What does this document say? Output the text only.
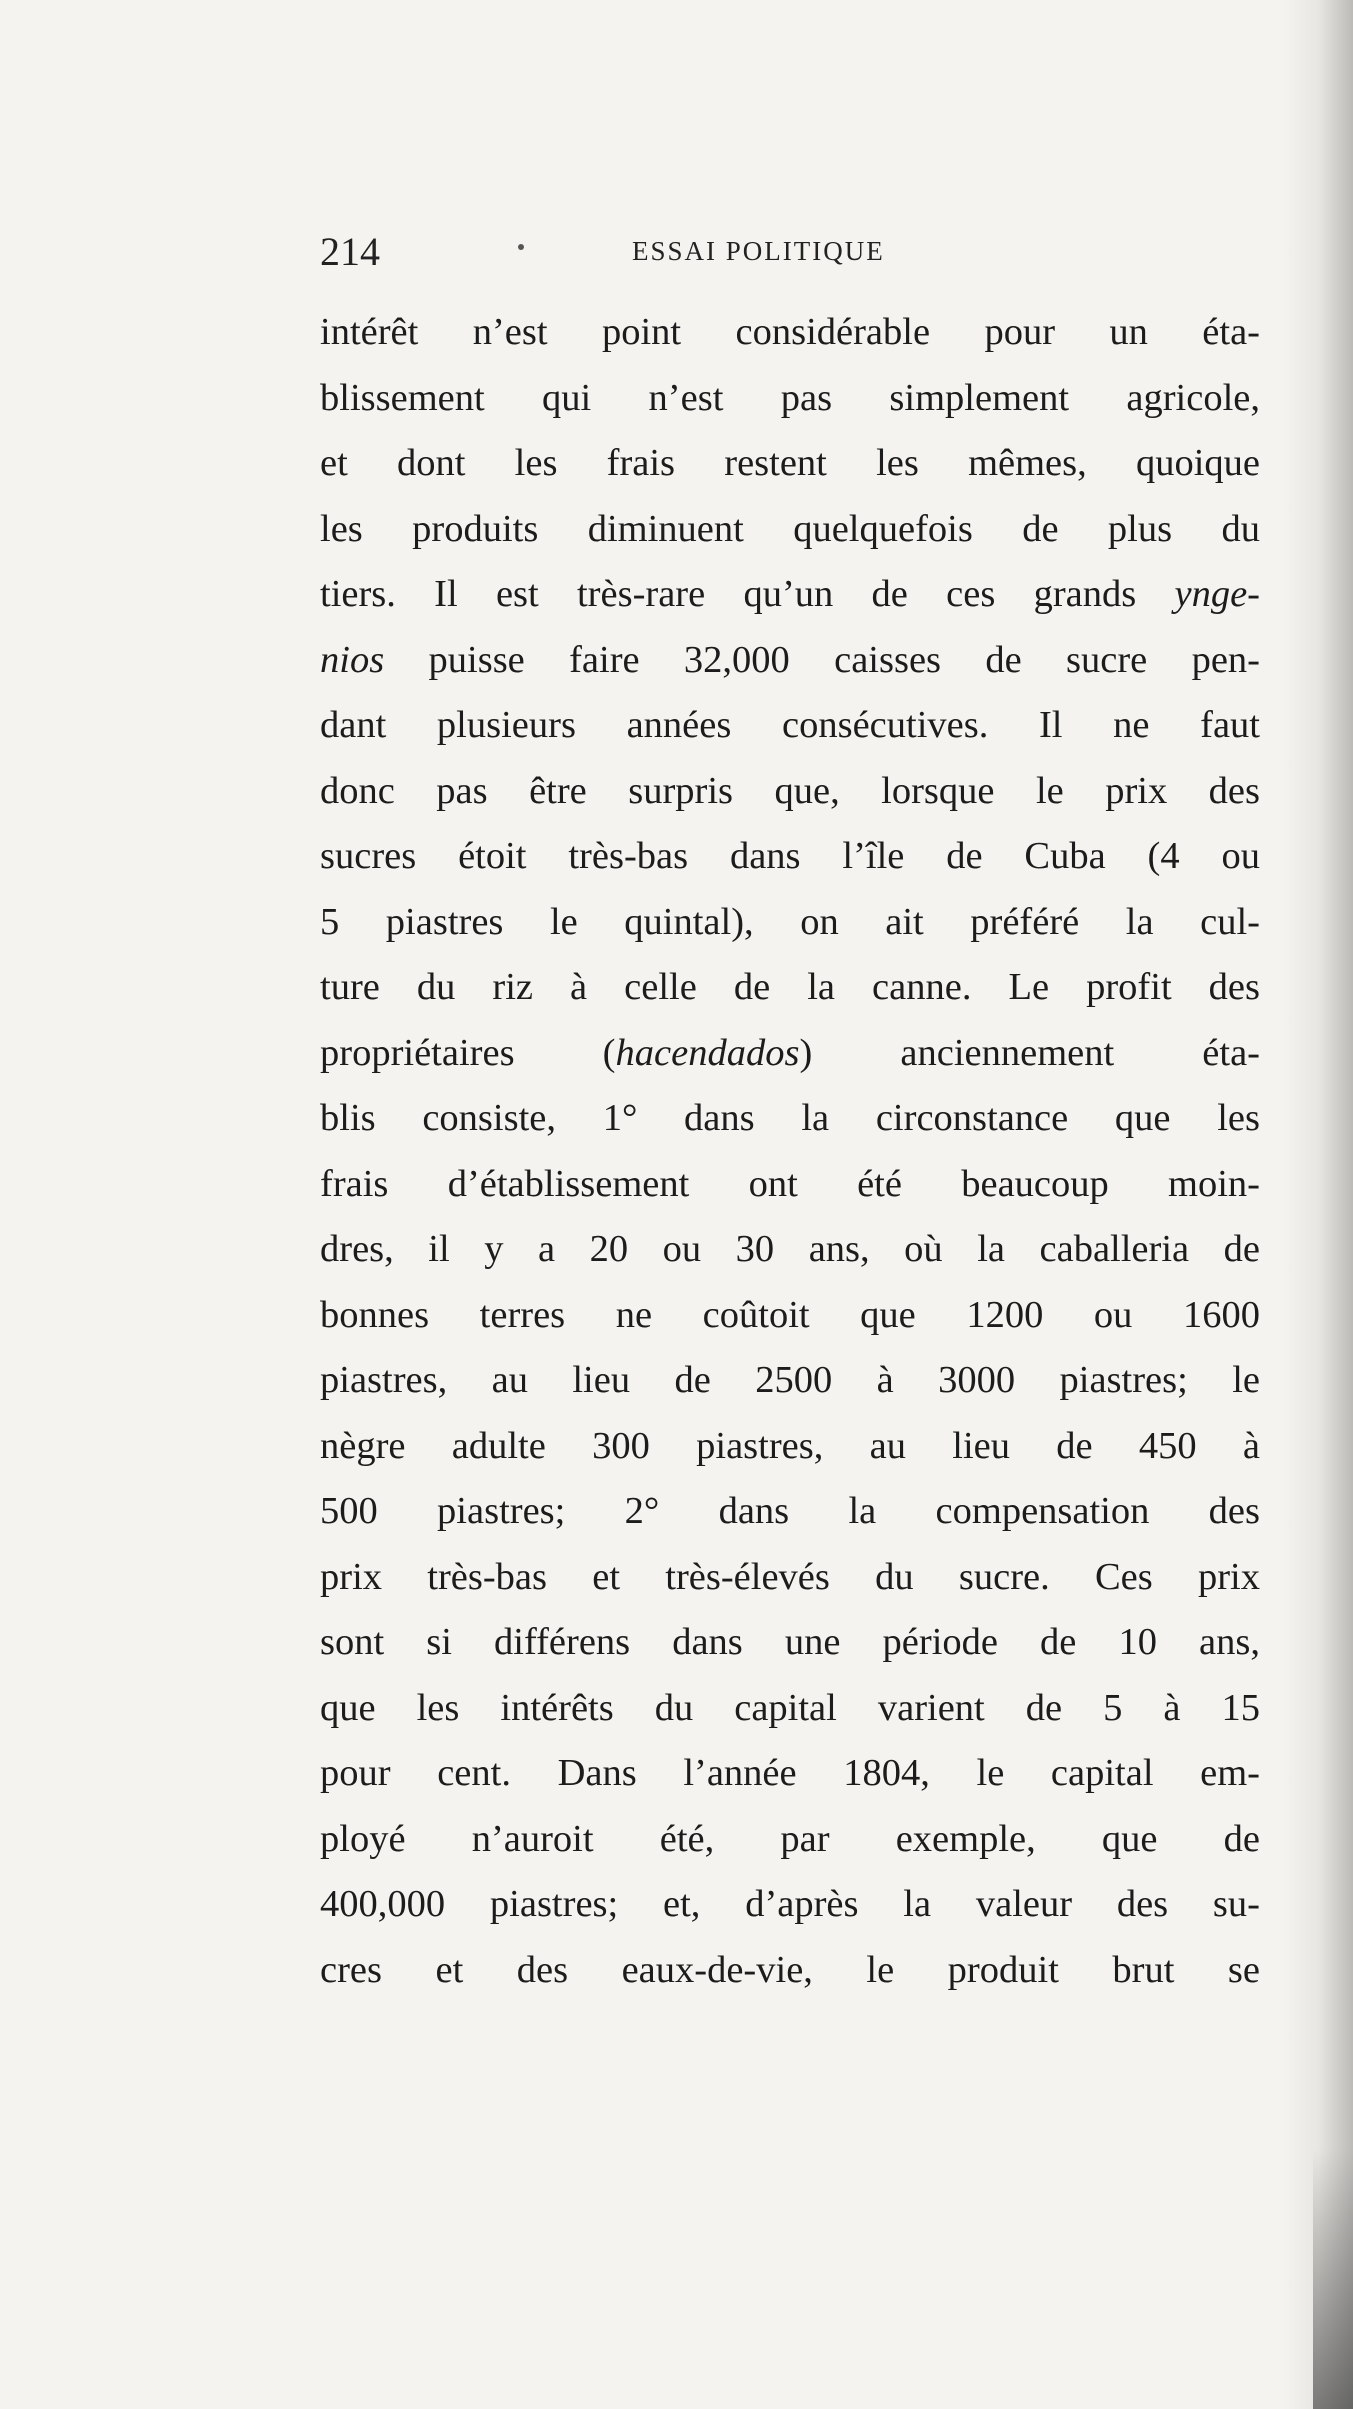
214	ESSAI POLITIQUE
intérêt n’est point considérable pour un éta-
blissement qui n’est pas simplement agricole,
et dont les frais restent les mêmes, quoique
les produits diminuent quelquefois de plus du
tiers. Il est très-rare qu’un de ces grands ynge-
nios puisse faire 32,000 caisses de sucre pen-
dant plusieurs années consécutives. Il ne faut
donc pas être surpris que, lorsque le prix des
sucres étoit très-bas dans l’île de Cuba (4 ou
5 piastres le quintal), on ait préféré la cul-
ture du riz à celle de la canne. Le profit des
propriétaires (hacendados) anciennement éta-
blis consiste, 1° dans la circonstance que les
frais d’établissement ont été beaucoup moin-
dres, il y a 20 ou 30 ans, où la caballeria de
bonnes terres ne coûtoit que 1200 ou 1600
piastres, au lieu de 2500 à 3000 piastres; le
nègre adulte 300 piastres, au lieu de 450 à
500 piastres; 2° dans la compensation des
prix très-bas et très-élevés du sucre. Ces prix
sont si différens dans une période de 10 ans,
que les intérêts du capital varient de 5 à 15
pour cent. Dans l’année 1804, le capital em-
ployé n’auroit été, par exemple, que de
400,000 piastres; et, d’après la valeur des su-
cres et des eaux-de-vie, le produit brut se
